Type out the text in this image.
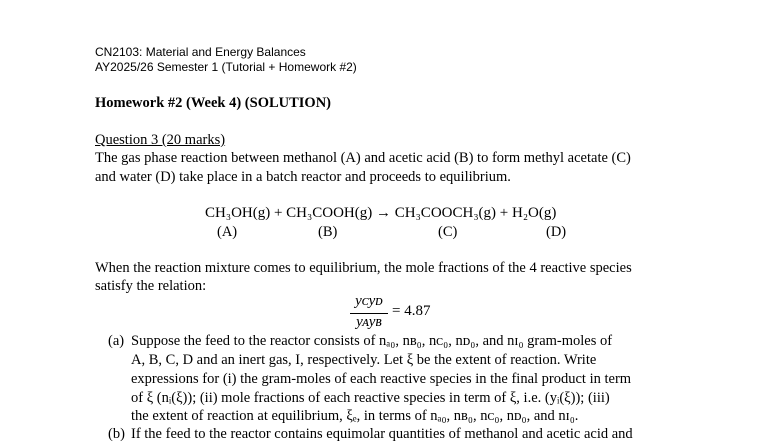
CN2103: Material and Energy Balances
AY2025/26 Semester 1 (Tutorial + Homework #2)
Homework #2 (Week 4) (SOLUTION)
Question 3 (20 marks)
The gas phase reaction between methanol (A) and acetic acid (B) to form methyl acetate (C)
and water (D) take place in a batch reactor and proceeds to equilibrium.
CH₃OH(g) + CH₃COOH(g) → CH₃COOCH₃(g) + H₂O(g)
(A)	(B)	(C)	(D)
When the reaction mixture comes to equilibrium, the mole fractions of the 4 reactive species
satisfy the relation:
yᴄyᴅ
yᴀyʙ
= 4.87
(a) Suppose the feed to the reactor consists of nₐ₀, nʙ₀, nᴄ₀, nᴅ₀, and nɪ₀ gram-moles of
A, B, C, D and an inert gas, I, respectively. Let ξ be the extent of reaction. Write
expressions for (i) the gram-moles of each reactive species in the final product in term
of ξ (nᵢ(ξ)); (ii) mole fractions of each reactive species in term of ξ, i.e. (yᵢ(ξ)); (iii)
the extent of reaction at equilibrium, ξₑ, in terms of nₐ₀, nʙ₀, nᴄ₀, nᴅ₀, and nɪ₀.
(b) If the feed to the reactor contains equimolar quantities of methanol and acetic acid and
